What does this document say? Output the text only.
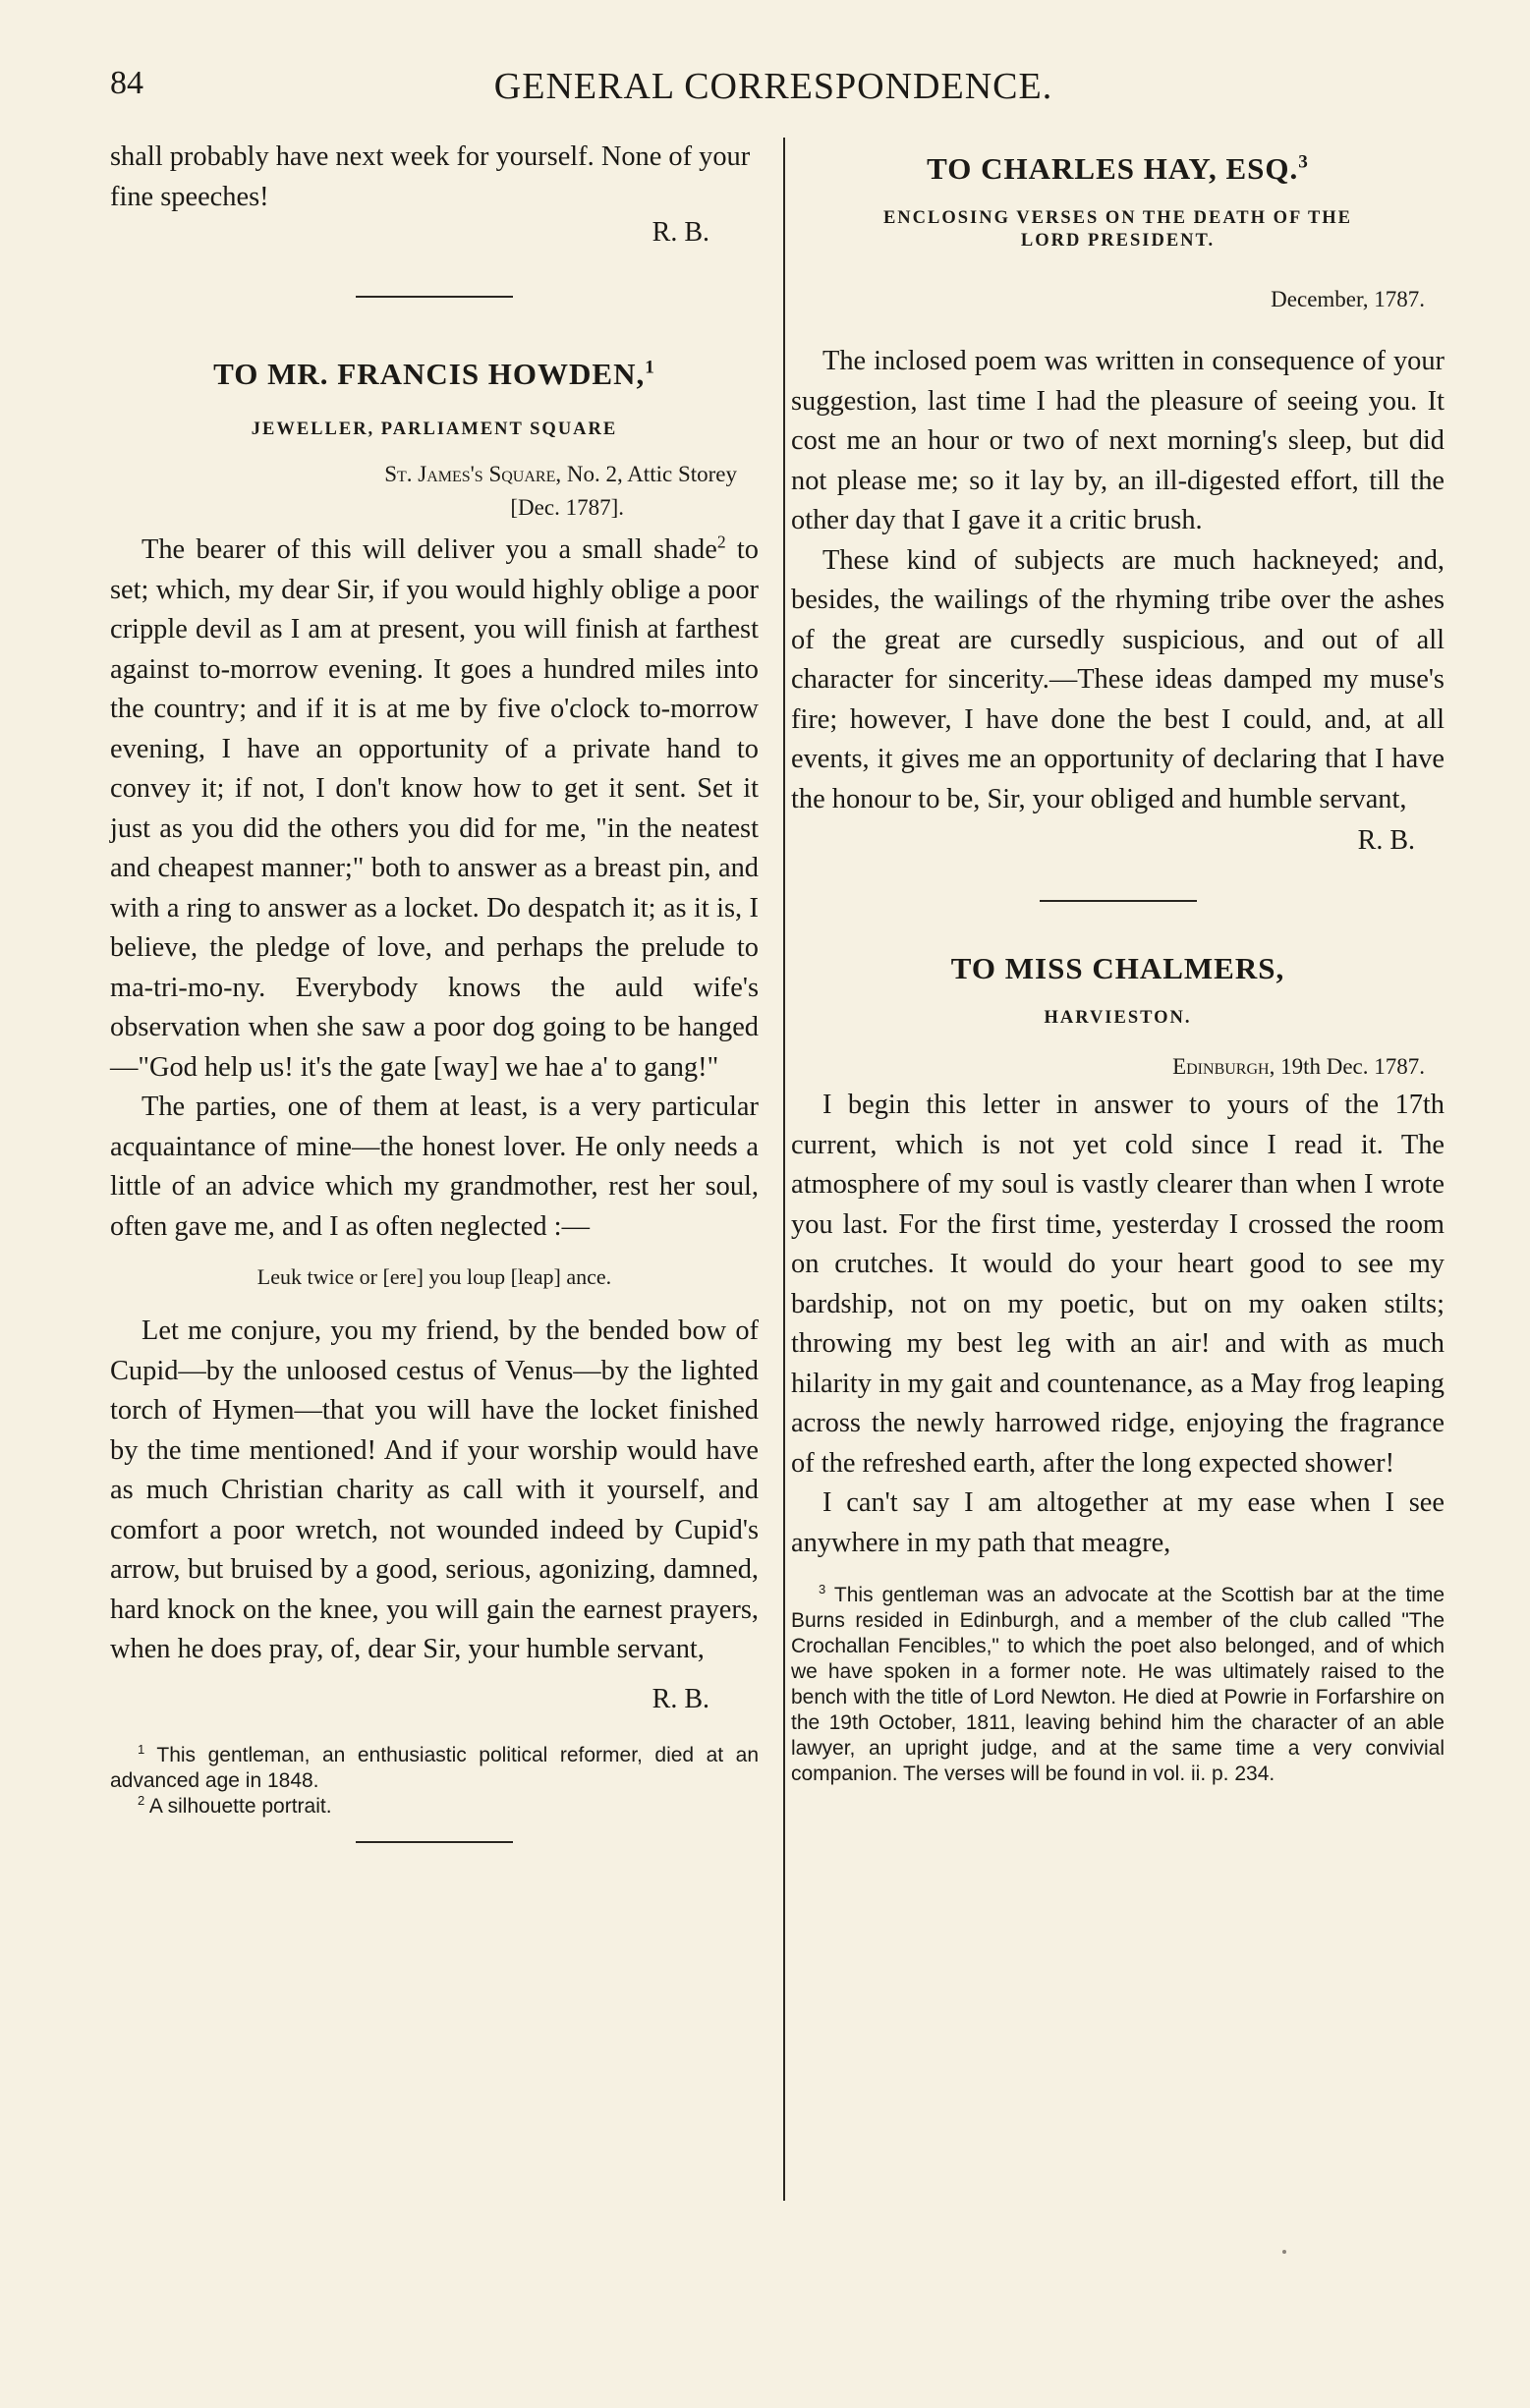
84	GENERAL CORRESPONDENCE.

shall probably have next week for yourself. None of your fine speeches!

R. B.
TO MR. FRANCIS HOWDEN,$^1$

JEWELLER, PARLIAMENT SQUARE

St. James's Square, No. 2, Attic Storey
[Dec. 1787].

The bearer of this will deliver you a small shade$^2$ to set; which, my dear Sir, if you would highly oblige a poor cripple devil as I am at present, you will finish at farthest against to-morrow evening. It goes a hundred miles into the country; and if it is at me by five o'clock to-morrow evening, I have an opportunity of a private hand to convey it; if not, I don't know how to get it sent. Set it just as you did the others you did for me, "in the neatest and cheapest manner;" both to answer as a breast pin, and with a ring to answer as a locket. Do despatch it; as it is, I believe, the pledge of love, and perhaps the prelude to ma-tri-mo-ny. Everybody knows the auld wife's observation when she saw a poor dog going to be hanged—"God help us! it's the gate [way] we hae a' to gang!"

The parties, one of them at least, is a very particular acquaintance of mine—the honest lover. He only needs a little of an advice which my grandmother, rest her soul, often gave me, and I as often neglected :—

Leuk twice or [ere] you loup [leap] ance.

Let me conjure, you my friend, by the bended bow of Cupid—by the unloosed cestus of Venus—by the lighted torch of Hymen—that you will have the locket finished by the time mentioned! And if your worship would have as much Christian charity as call with it yourself, and comfort a poor wretch, not wounded indeed by Cupid's arrow, but bruised by a good, serious, agonizing, damned, hard knock on the knee, you will gain the earnest prayers, when he does pray, of, dear Sir, your humble servant,

R. B.

$^1$ This gentleman, an enthusiastic political reformer, died at an advanced age in 1848.

$^2$ A silhouette portrait.

TO CHARLES HAY, ESQ.$^3$

ENCLOSING VERSES ON THE DEATH OF THE

LORD PRESIDENT.

December, 1787.

The inclosed poem was written in consequence of your suggestion, last time I had the pleasure of seeing you. It cost me an hour or two of next morning's sleep, but did not please me; so it lay by, an ill-digested effort, till the other day that I gave it a critic brush.

These kind of subjects are much hackneyed; and, besides, the wailings of the rhyming tribe over the ashes of the great are cursedly suspicious, and out of all character for sincerity.—These ideas damped my muse's fire; however, I have done the best I could, and, at all events, it gives me an opportunity of declaring that I have the honour to be, Sir, your obliged and humble servant,

R. B.
TO MISS CHALMERS,

HARVIESTON.

Edinburgh, 19th Dec. 1787.

I begin this letter in answer to yours of the 17th current, which is not yet cold since I read it. The atmosphere of my soul is vastly clearer than when I wrote you last. For the first time, yesterday I crossed the room on crutches. It would do your heart good to see my bardship, not on my poetic, but on my oaken stilts; throwing my best leg with an air! and with as much hilarity in my gait and countenance, as a May frog leaping across the newly harrowed ridge, enjoying the fragrance of the refreshed earth, after the long expected shower!

I can't say I am altogether at my ease when I see anywhere in my path that meagre,

$^3$ This gentleman was an advocate at the Scottish bar at the time Burns resided in Edinburgh, and a member of the club called "The Crochallan Fencibles," to which the poet also belonged, and of which we have spoken in a former note. He was ultimately raised to the bench with the title of Lord Newton. He died at Powrie in Forfarshire on the 19th October, 1811, leaving behind him the character of an able lawyer, an upright judge, and at the same time a very convivial companion. The verses will be found in vol. ii. p. 234.
